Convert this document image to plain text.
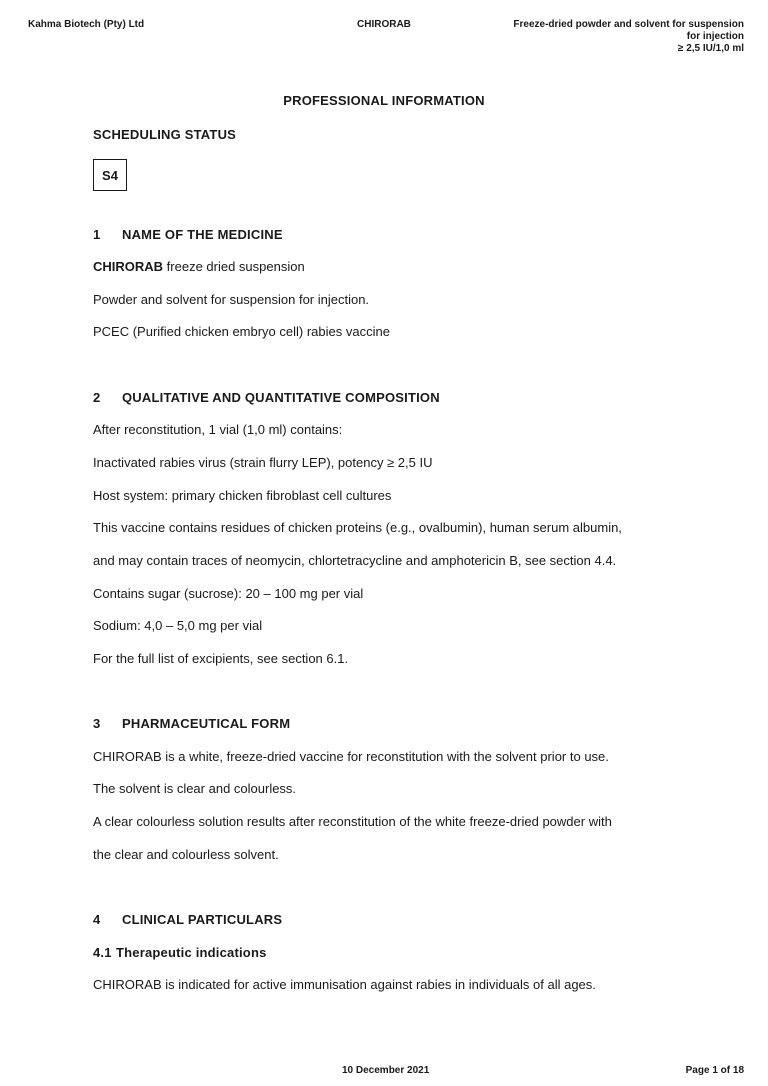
Kahma Biotech (Pty) Ltd	CHIRORAB	Freeze-dried powder and solvent for suspension
for injection
≥ 2,5 IU/1,0 ml
PROFESSIONAL INFORMATION
SCHEDULING STATUS
S4
1 NAME OF THE MEDICINE
CHIRORAB freeze dried suspension
Powder and solvent for suspension for injection.
PCEC (Purified chicken embryo cell) rabies vaccine
2 QUALITATIVE AND QUANTITATIVE COMPOSITION
After reconstitution, 1 vial (1,0 ml) contains:
Inactivated rabies virus (strain flurry LEP), potency ≥ 2,5 IU
Host system: primary chicken fibroblast cell cultures
This vaccine contains residues of chicken proteins (e.g., ovalbumin), human serum albumin,
and may contain traces of neomycin, chlortetracycline and amphotericin B, see section 4.4.
Contains sugar (sucrose): 20 – 100 mg per vial
Sodium: 4,0 – 5,0 mg per vial
For the full list of excipients, see section 6.1.
3 PHARMACEUTICAL FORM
CHIRORAB is a white, freeze-dried vaccine for reconstitution with the solvent prior to use.
The solvent is clear and colourless.
A clear colourless solution results after reconstitution of the white freeze-dried powder with
the clear and colourless solvent.
4 CLINICAL PARTICULARS
4.1 Therapeutic indications
CHIRORAB is indicated for active immunisation against rabies in individuals of all ages.
10 December 2021	Page 1 of 18
